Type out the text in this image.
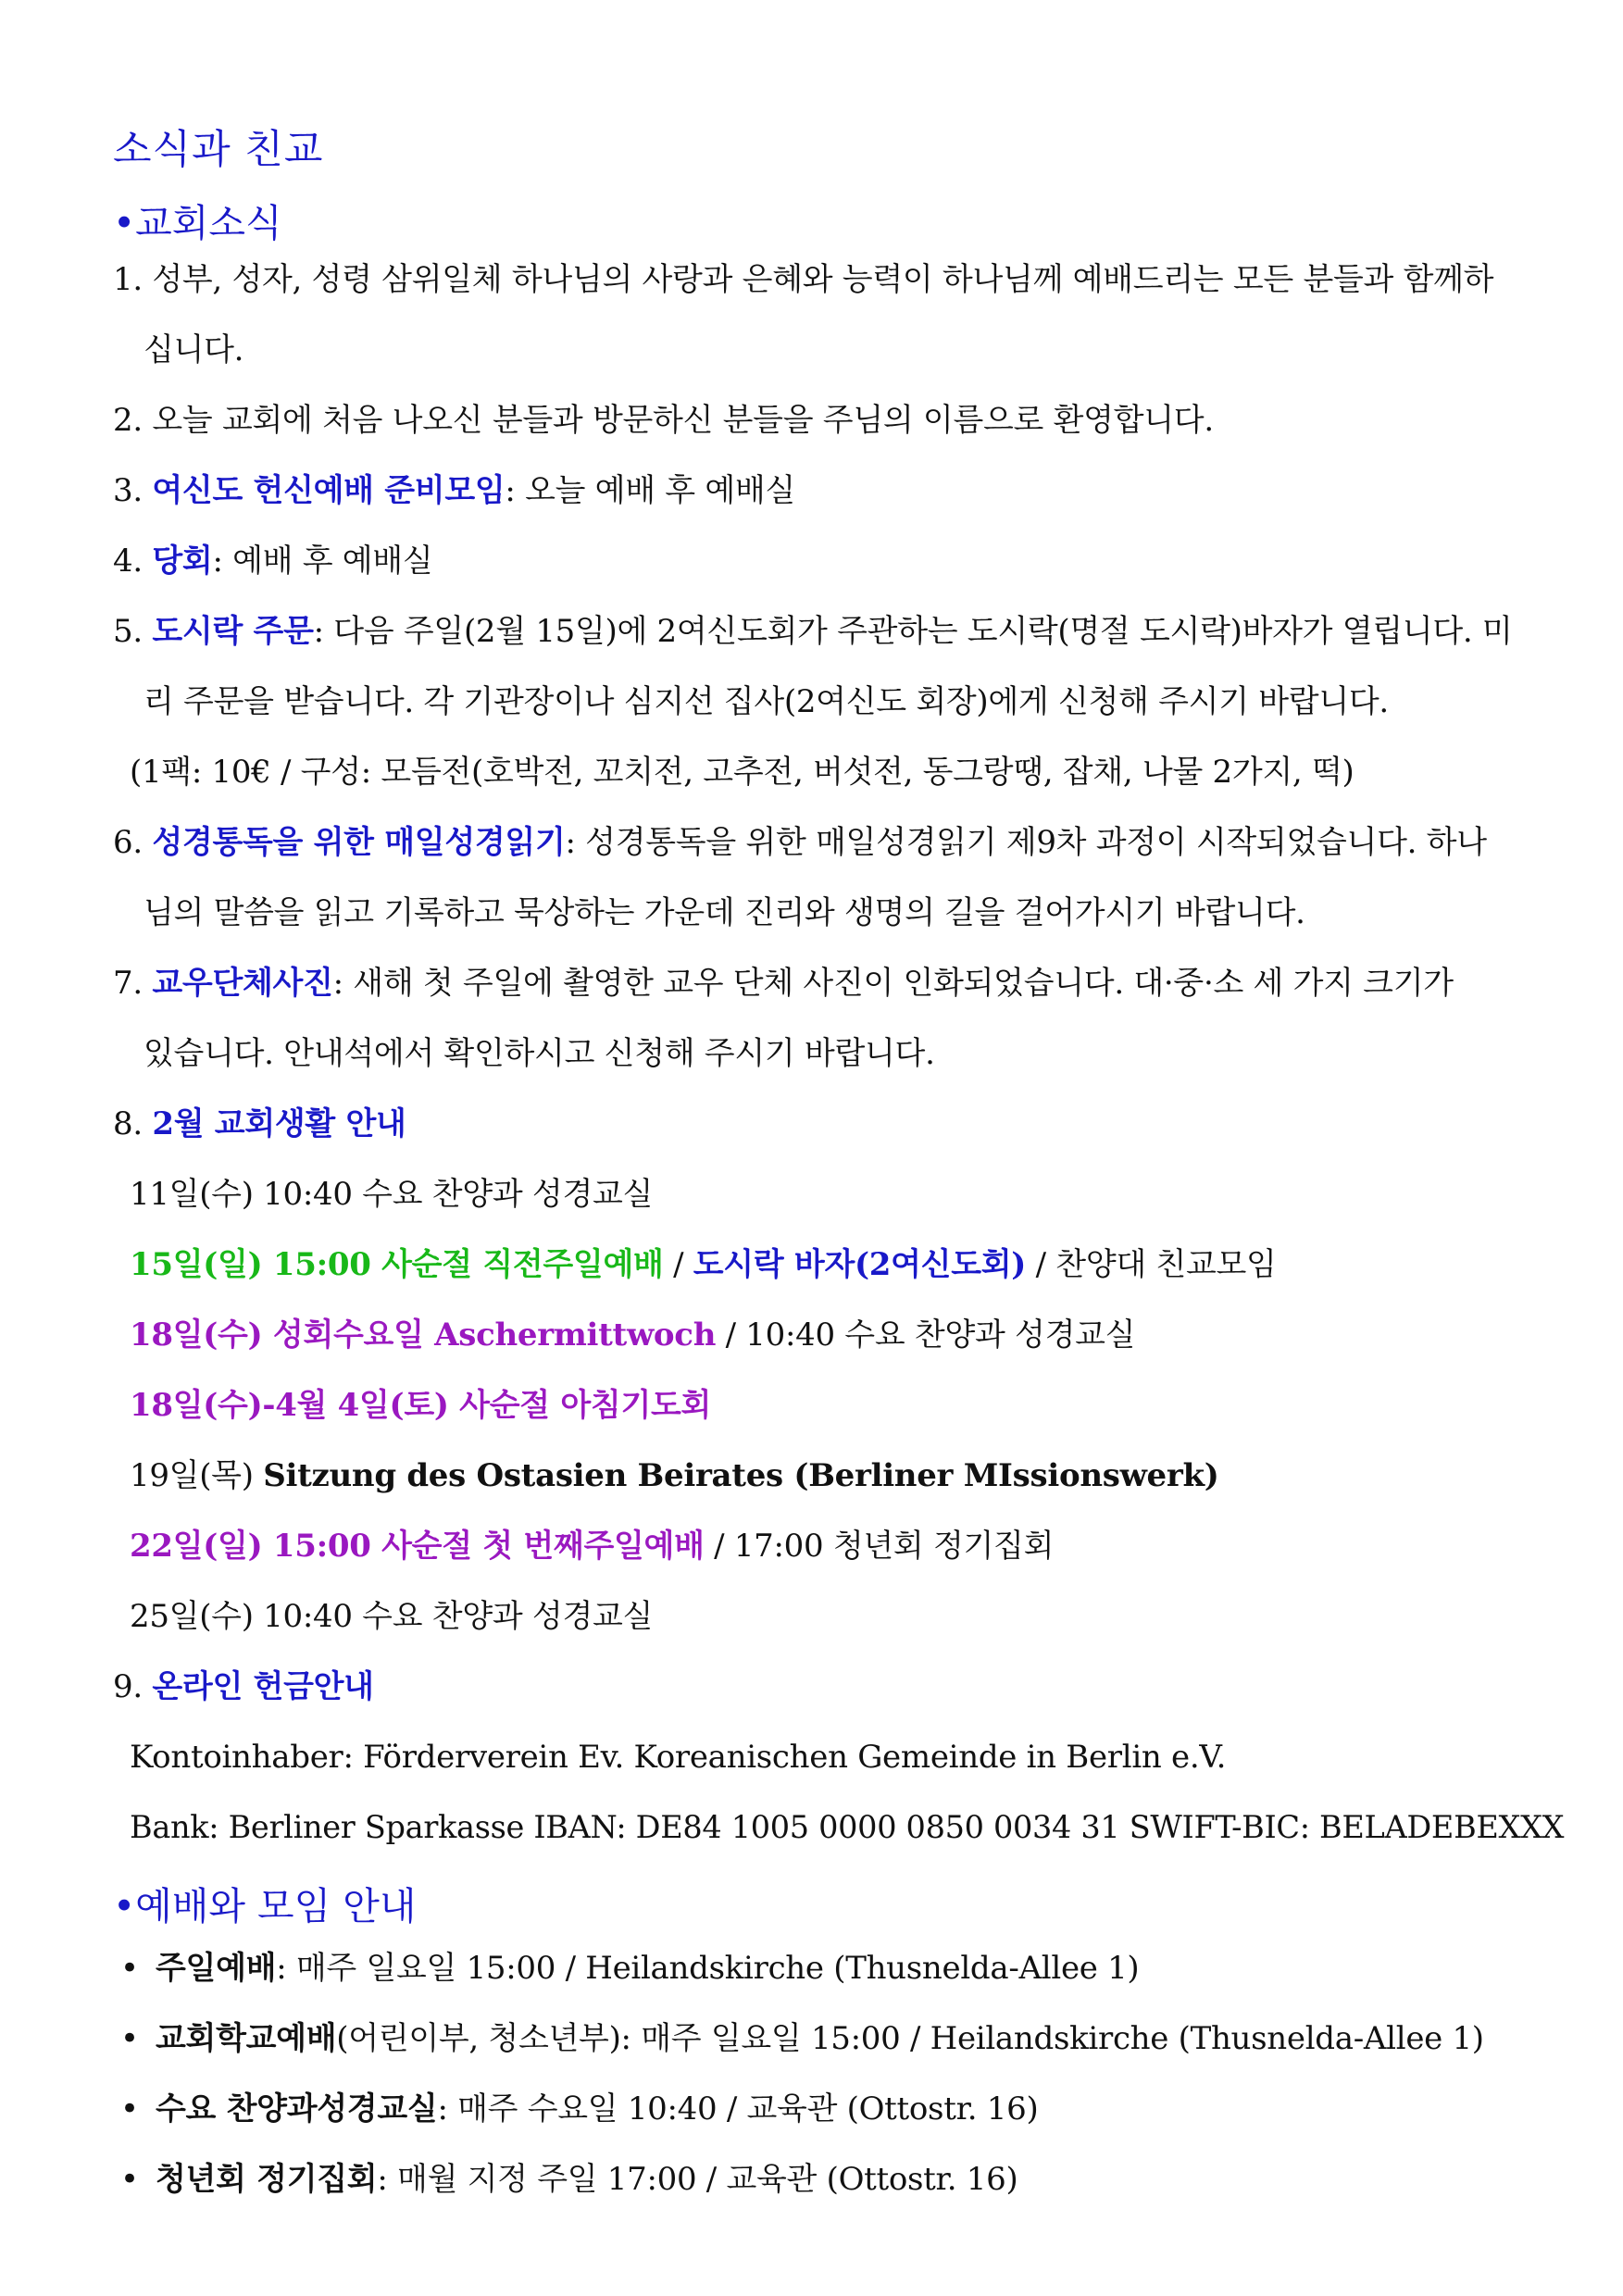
소식과 친교
•교회소식
1. 성부, 성자, 성령 삼위일체 하나님의 사랑과 은혜와 능력이 하나님께 예배드리는 모든 분들과 함께하
십니다.
2. 오늘 교회에 처음 나오신 분들과 방문하신 분들을 주님의 이름으로 환영합니다.
3. 여신도 헌신예배 준비모임: 오늘 예배 후 예배실
4. 당회: 예배 후 예배실
5. 도시락 주문: 다음 주일(2월 15일)에 2여신도회가 주관하는 도시락(명절 도시락)바자가 열립니다. 미
리 주문을 받습니다. 각 기관장이나 심지선 집사(2여신도 회장)에게 신청해 주시기 바랍니다.
(1팩: 10€ / 구성: 모듬전(호박전, 꼬치전, 고추전, 버섯전, 동그랑땡, 잡채, 나물 2가지, 떡)
6. 성경통독을 위한 매일성경읽기: 성경통독을 위한 매일성경읽기 제9차 과정이 시작되었습니다. 하나
님의 말씀을 읽고 기록하고 묵상하는 가운데 진리와 생명의 길을 걸어가시기 바랍니다.
7. 교우단체사진: 새해 첫 주일에 촬영한 교우 단체 사진이 인화되었습니다. 대·중·소 세 가지 크기가
있습니다. 안내석에서 확인하시고 신청해 주시기 바랍니다.
8. 2월 교회생활 안내
11일(수) 10:40 수요 찬양과 성경교실
15일(일) 15:00 사순절 직전주일예배 / 도시락 바자(2여신도회) / 찬양대 친교모임
18일(수) 성회수요일 Aschermittwoch / 10:40 수요 찬양과 성경교실
18일(수)-4월 4일(토) 사순절 아침기도회
19일(목) Sitzung des Ostasien Beirates (Berliner MIssionswerk)
22일(일) 15:00 사순절 첫 번째주일예배 / 17:00 청년회 정기집회
25일(수) 10:40 수요 찬양과 성경교실
9. 온라인 헌금안내
Kontoinhaber: Förderverein Ev. Koreanischen Gemeinde in Berlin e.V.
Bank: Berliner Sparkasse IBAN: DE84 1005 0000 0850 0034 31 SWIFT-BIC: BELADEBEXXX
•예배와 모임 안내
• 주일예배: 매주 일요일 15:00 / Heilandskirche (Thusnelda-Allee 1)
• 교회학교예배(어린이부, 청소년부): 매주 일요일 15:00 / Heilandskirche (Thusnelda-Allee 1)
• 수요 찬양과성경교실: 매주 수요일 10:40 / 교육관 (Ottostr. 16)
• 청년회 정기집회: 매월 지정 주일 17:00 / 교육관 (Ottostr. 16)
